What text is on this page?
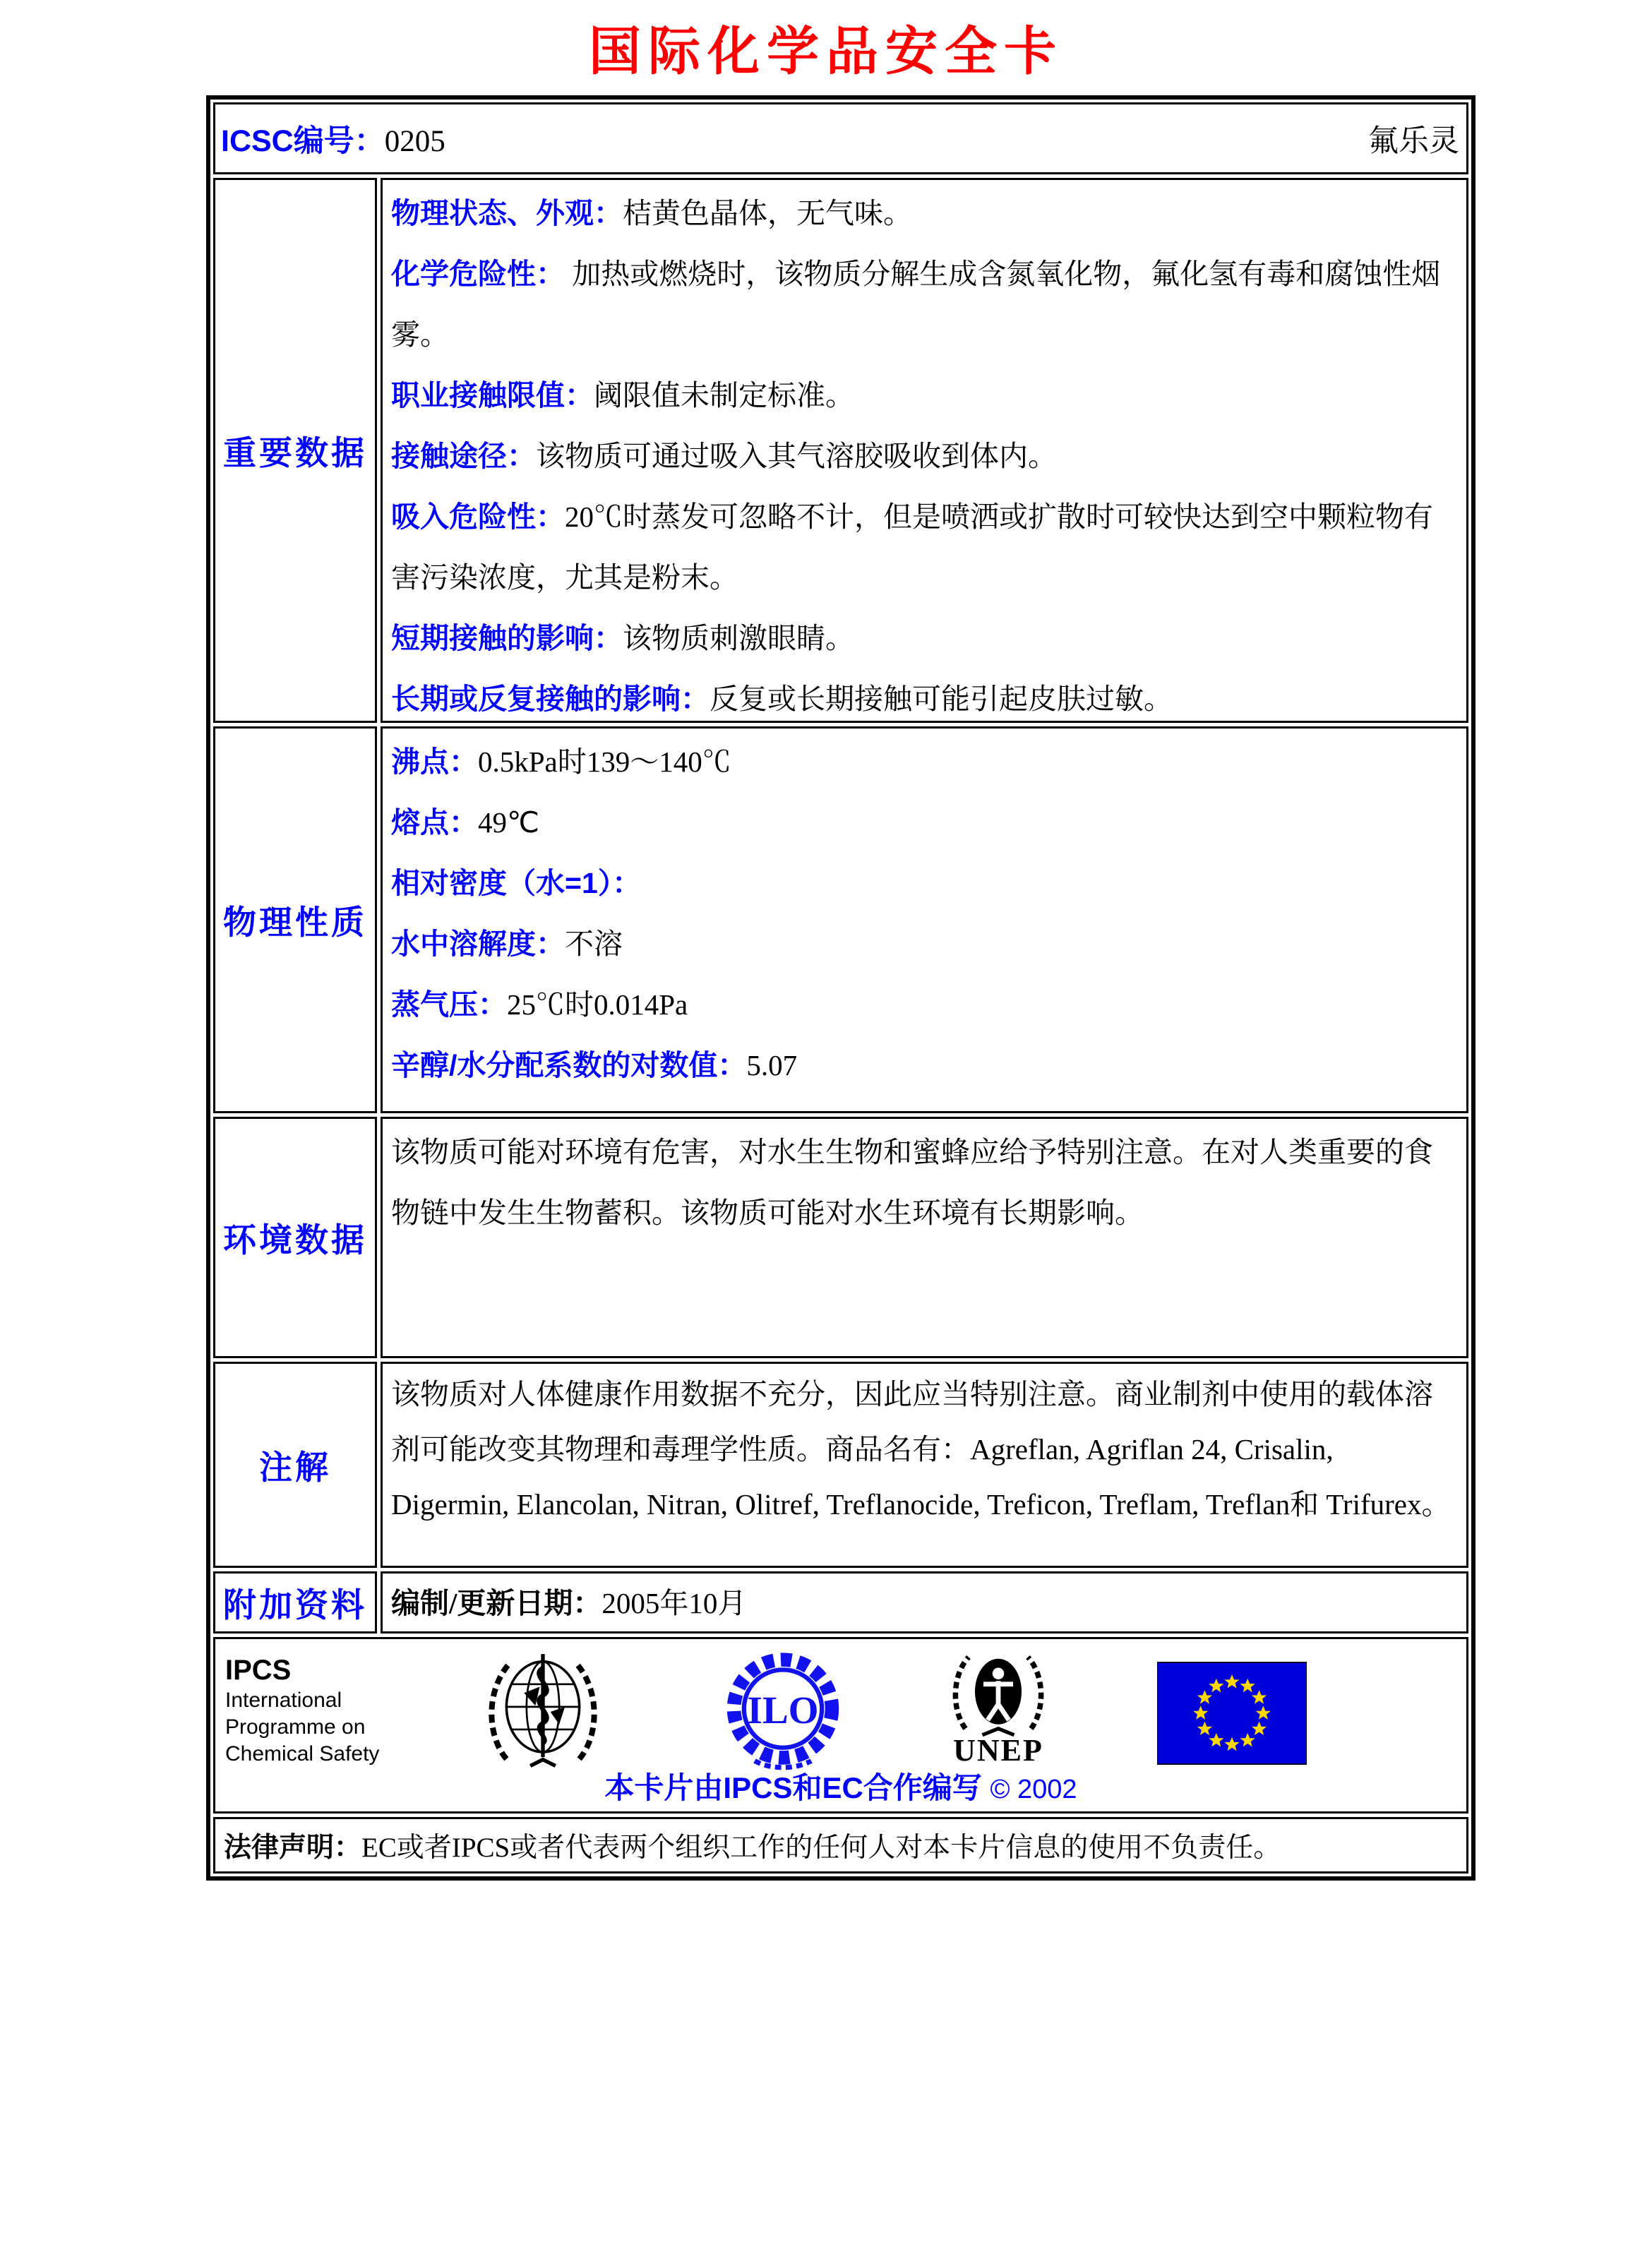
国际化学品安全卡
ICSC编号：0205	氟乐灵
重要数据
物理状态、外观：桔黄色晶体，无气味。
化学危险性： 加热或燃烧时，该物质分解生成含氮氧化物，氟化氢有毒和腐蚀性烟雾。
职业接触限值：阈限值未制定标准。
接触途径：该物质可通过吸入其气溶胶吸收到体内。
吸入危险性：20℃时蒸发可忽略不计，但是喷洒或扩散时可较快达到空中颗粒物有害污染浓度，尤其是粉末。
短期接触的影响：该物质刺激眼睛。
长期或反复接触的影响：反复或长期接触可能引起皮肤过敏。
物理性质
沸点：0.5kPa时139～140℃
熔点：49℃
相对密度（水=1）：
水中溶解度：不溶
蒸气压：25℃时0.014Pa
辛醇/水分配系数的对数值：5.07
环境数据

该物质可能对环境有危害，对水生生物和蜜蜂应给予特别注意。在对人类重要的食物链中发生生物蓄积。该物质可能对水生环境有长期影响。

注解

该物质对人体健康作用数据不充分，因此应当特别注意。商业制剂中使用的载体溶剂可能改变其物理和毒理学性质。商品名有：Agreflan, Agriflan 24, Crisalin, Digermin, Elancolan, Nitran, Olitref, Treflanocide, Treficon, Treflam, Treflan和 Trifurex。

附加资料 编制/更新日期：2005年10月
IPCS
International
Programme on
Chemical Safety
ILO
UNEP
本卡片由IPCS和EC合作编写 © 2002
法律声明： EC或者IPCS或者代表两个组织工作的任何人对本卡片信息的使用不负责任。
